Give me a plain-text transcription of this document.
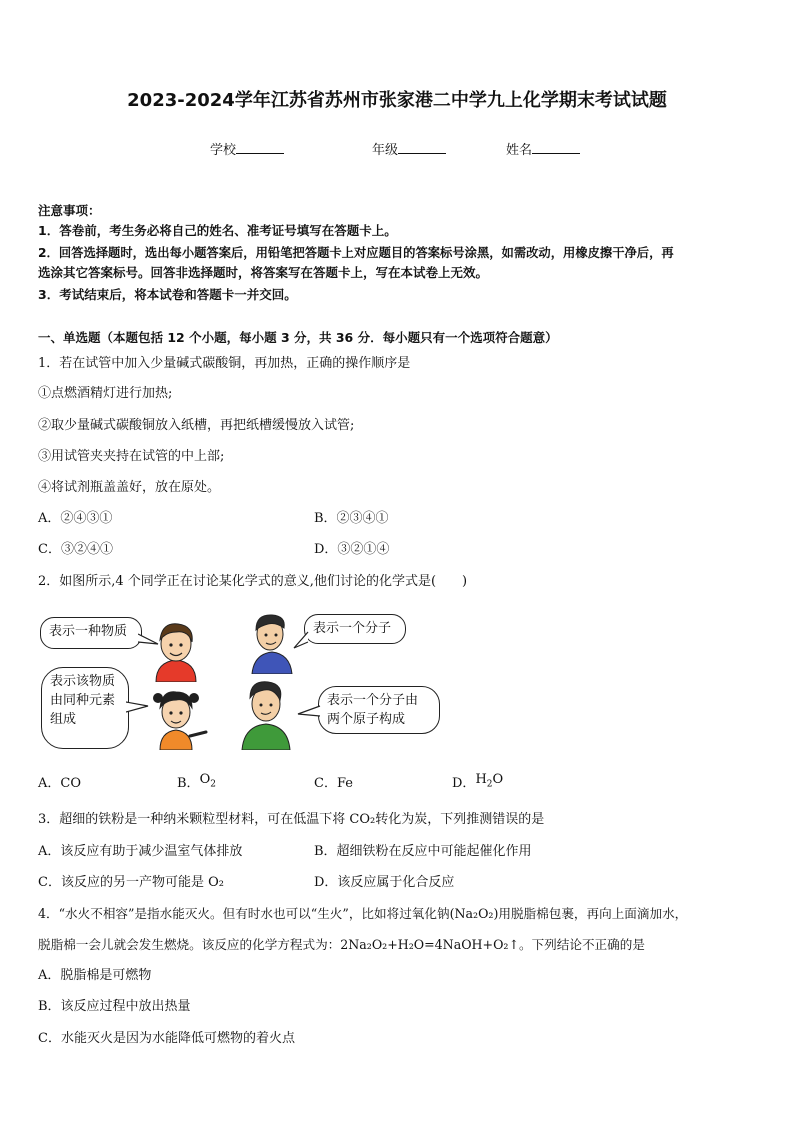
2023-2024学年江苏省苏州市张家港二中学九上化学期末考试试题
学校	年级	姓名
注意事项：
1．答卷前，考生务必将自己的姓名、准考证号填写在答题卡上。
2．回答选择题时，选出每小题答案后，用铅笔把答题卡上对应题目的答案标号涂黑，如需改动，用橡皮擦干净后，再
选涂其它答案标号。回答非选择题时，将答案写在答题卡上，写在本试卷上无效。
3．考试结束后，将本试卷和答题卡一并交回。
一、单选题（本题包括 12 个小题，每小题 3 分，共 36 分．每小题只有一个选项符合题意）
1．若在试管中加入少量碱式碳酸铜，再加热，正确的操作顺序是
①点燃酒精灯进行加热;
②取少量碱式碳酸铜放入纸槽，再把纸槽缓慢放入试管;
③用试管夹夹持在试管的中上部;
④将试剂瓶盖盖好，放在原处。
A．②④③①	B．②③④①
C．③②④①	D．③②①④
2．如图所示,4 个同学正在讨论某化学式的意义,他们讨论的化学式是(　　)
表示一种物质	表示一个分子
表示该物质
由同种元素
组成
表示一个分子由
两个原子构成
A．CO	B．$O_2$	C．Fe	D．$H_2O$
3．超细的铁粉是一种纳米颗粒型材料，可在低温下将 CO₂转化为炭，下列推测错误的是
A．该反应有助于减少温室气体排放	B．超细铁粉在反应中可能起催化作用
C．该反应的另一产物可能是 O₂	D．该反应属于化合反应
4．“水火不相容”是指水能灭火。但有时水也可以“生火”，比如将过氧化钠(Na₂O₂)用脱脂棉包裹，再向上面滴加水，
脱脂棉一会儿就会发生燃烧。该反应的化学方程式为：2Na₂O₂+H₂O=4NaOH+O₂↑。下列结论不正确的是
A．脱脂棉是可燃物
B．该反应过程中放出热量
C．水能灭火是因为水能降低可燃物的着火点
